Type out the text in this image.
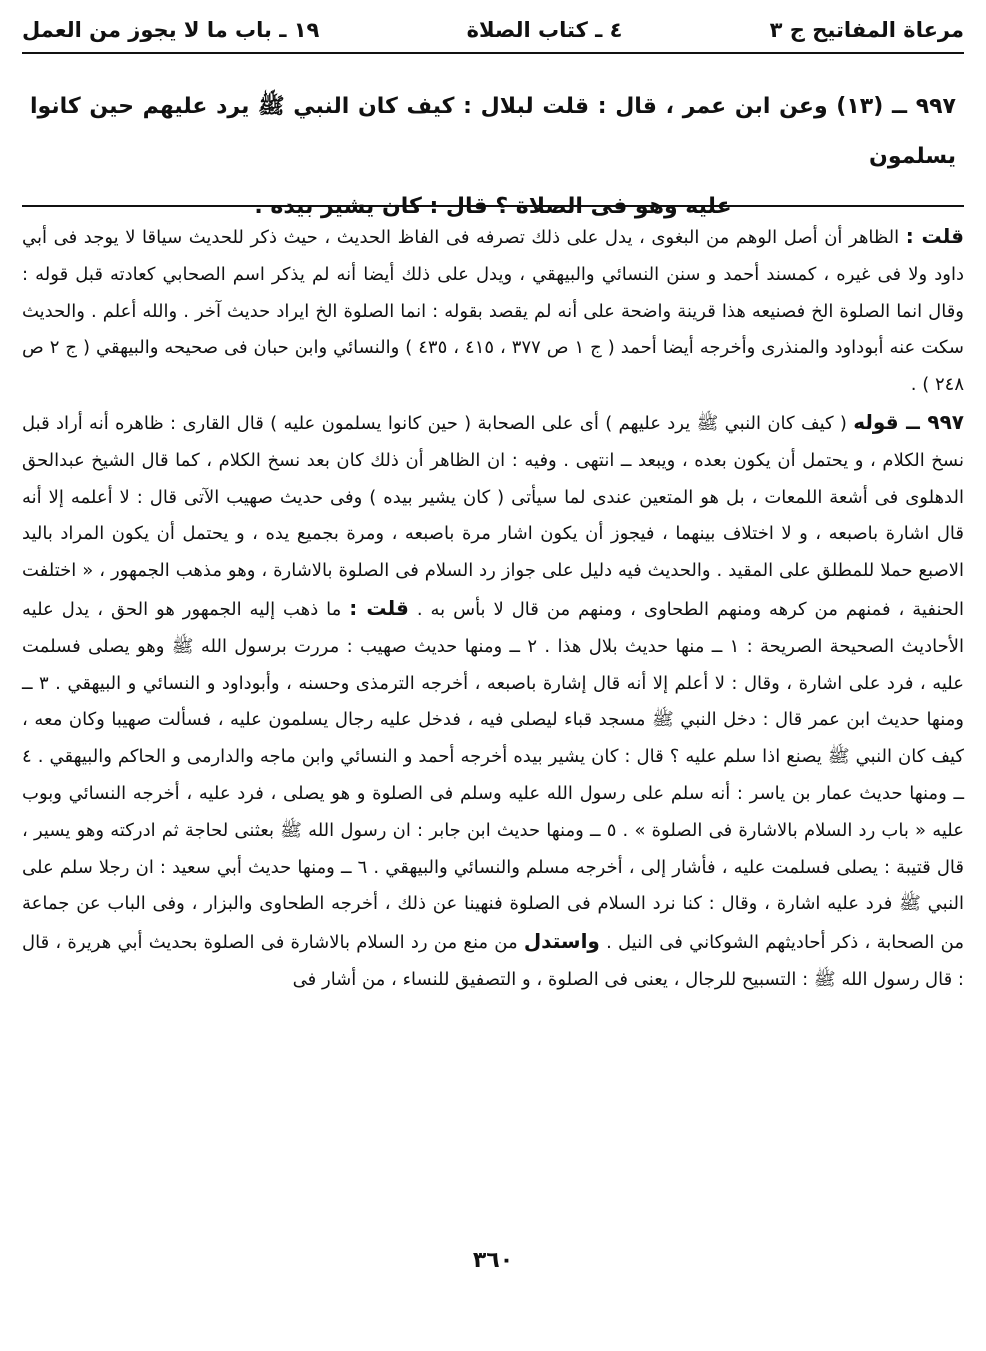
مرعاة المفاتيح ج ٣
٤ ـ كتاب الصلاة
١٩ ـ باب ما لا يجوز من العمل

٩٩٧ ــ (١٣) وعن ابن عمر ، قال : قلت لبلال : كيف كان النبي ﷺ يرد عليهم حين كانوا يسلمون

عليه وهو فى الصلاة ؟ قال : كان يشير بيده .

قلت : الظاهر أن أصل الوهم من البغوى ، يدل على ذلك تصرفه فى الفاظ الحديث ، حيث ذكر للحديث سياقا لا يوجد فى أبي داود ولا فى غيره ، كمسند أحمد و سنن النسائي والبيهقي ، ويدل على ذلك أيضا أنه لم يذكر اسم الصحابي كعادته قبل قوله : وقال انما الصلوة الخ فصنيعه هذا قرينة واضحة على أنه لم يقصد بقوله : انما الصلوة الخ ايراد حديث آخر . والله أعلم . والحديث سكت عنه أبوداود والمنذرى وأخرجه أيضا أحمد ( ج ١ ص ٣٧٧ ، ٤١٥ ، ٤٣٥ ) والنسائي وابن حبان فى صحيحه والبيهقي ( ج ٢ ص ٢٤٨ ) .

٩٩٧ ــ قوله ( كيف كان النبي ﷺ يرد عليهم ) أى على الصحابة ( حين كانوا يسلمون عليه ) قال القارى : ظاهره أنه أراد قبل نسخ الكلام ، و يحتمل أن يكون بعده ، ويبعد ــ انتهى . وفيه : ان الظاهر أن ذلك كان بعد نسخ الكلام ، كما قال الشيخ عبدالحق الدهلوى فى أشعة اللمعات ، بل هو المتعين عندى لما سيأتى ( كان يشير بيده ) وفى حديث صهيب الآتى قال : لا أعلمه إلا أنه قال اشارة باصبعه ، و لا اختلاف بينهما ، فيجوز أن يكون اشار مرة باصبعه ، ومرة بجميع يده ، و يحتمل أن يكون المراد باليد الاصبع حملا للمطلق على المقيد . والحديث فيه دليل على جواز رد السلام فى الصلوة بالاشارة ، وهو مذهب الجمهور ، « اختلفت الحنفية ، فمنهم من كرهه ومنهم الطحاوى ، ومنهم من قال لا بأس به . قلت : ما ذهب إليه الجمهور هو الحق ، يدل عليه الأحاديث الصحيحة الصريحة : ١ ــ منها حديث بلال هذا . ٢ ــ ومنها حديث صهيب : مررت برسول الله ﷺ وهو يصلى فسلمت عليه ، فرد على اشارة ، وقال : لا أعلم إلا أنه قال إشارة باصبعه ، أخرجه الترمذى وحسنه ، وأبوداود و النسائي و البيهقي . ٣ ــ ومنها حديث ابن عمر قال : دخل النبي ﷺ مسجد قباء ليصلى فيه ، فدخل عليه رجال يسلمون عليه ، فسألت صهيبا وكان معه ، كيف كان النبي ﷺ يصنع اذا سلم عليه ؟ قال : كان يشير بيده أخرجه أحمد و النسائي وابن ماجه والدارمى و الحاكم والبيهقي . ٤ ــ ومنها حديث عمار بن ياسر : أنه سلم على رسول الله عليه وسلم فى الصلوة و هو يصلى ، فرد عليه ، أخرجه النسائي وبوب عليه « باب رد السلام بالاشارة فى الصلوة » . ٥ ــ ومنها حديث ابن جابر : ان رسول الله ﷺ بعثنى لحاجة ثم ادركته وهو يسير ، قال قتيبة : يصلى فسلمت عليه ، فأشار إلى ، أخرجه مسلم والنسائي والبيهقي . ٦ ــ ومنها حديث أبي سعيد : ان رجلا سلم على النبي ﷺ فرد عليه اشارة ، وقال : كنا نرد السلام فى الصلوة فنهينا عن ذلك ، أخرجه الطحاوى والبزار ، وفى الباب عن جماعة من الصحابة ، ذكر أحاديثهم الشوكاني فى النيل . واستدل من منع من رد السلام بالاشارة فى الصلوة بحديث أبي هريرة ، قال : قال رسول الله ﷺ : التسبيح للرجال ، يعنى فى الصلوة ، و التصفيق للنساء ، من أشار فى

٣٦٠
